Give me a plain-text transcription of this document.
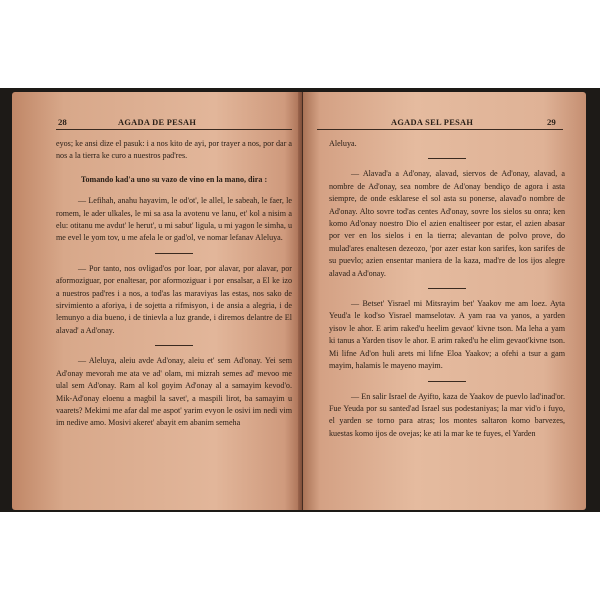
28	AGADA DE PESAH

eyos; ke ansi dize el pasuk: i a nos kito de ayi, por trayer a nos, por dar a nos a la tierra ke curo a nuestros pad'res.

Tomando kad'a uno su vazo de vino en la mano, dira :

— Lefihah, anahu hayavim, le od'ot', le allel, le sabeah, le faer, le romem, le ader ulkales, le mi sa asa la avotenu ve lanu, et' kol a nisim a elu: otitanu me avdut' le herut', u mi sabut' ligula, u mi yagon le simha, u me evel le yom tov, u me afela le or gad'ol, ve nomar lefanav Aleluya.

— Por tanto, nos ovligad'os por loar, por alavar, por alavar, por aformoziguar, por enaltesar, por aformoziguar i por ensalsar, a El ke izo a nuestros pad'res i a nos, a tod'as las maraviyas las estas, nos sako de sirvimiento a aforiya, i de sojetta a rifmisyon, i de ansia a alegria, i de lemunyo a dia bueno, i de tinievla a luz grande, i diremos delantre de El alavad' a Ad'onay.

— Aleluya, aleiu avde Ad'onay, aleiu et' sem Ad'onay. Yei sem Ad'onay mevorah me ata ve ad' olam, mi mizrah semes ad' mevoo me ulal sem Ad'onay. Ram al kol goyim Ad'onay al a samayim kevod'o. Mik-Ad'onay eloenu a magbil la savet', a maspili lirot, ba samayim u vaarets? Mekimi me afar dal me aspot' yarim evyon le osivi im nedi vim im nedive amo. Mosivi akeret' abayit em abanim semeha

AGADA SEL PESAH	29

Aleluya.

— Alavad'a a Ad'onay, alavad, siervos de Ad'onay, alavad, a nombre de Ad'onay, sea nombre de Ad'onay bendiço de agora i asta siempre, de onde esklarese el sol asta su ponerse, alavad'o nombre de Ad'onay. Alto sovre tod'as centes Ad'onay, sovre los sielos su onra; ken komo Ad'onay noestro Dio el azien enaltiseer por estar, el azien abasar por ver en los sielos i en la tierra; alevantan de polvo prove, do mulad'ares enaltesen dezeozo, 'por azer estar kon sarifes, kon sarifes de su puevlo; azien ensentar maniera de la kaza, mad're de los ijos alegre alavad a Ad'onay.

— Betset' Yisrael mi Mitsrayim bet' Yaakov me am loez. Ayta Yeud'a le kod'so Yisrael mamselotav. A yam raa va yanos, a yarden yisov le ahor. E arim raked'u heelim gevaot' kivne tson. Ma leha a yam ki tanus a Yarden tisov le ahor. E arim raked'u he elim gevaot'kivne tson. Mi lifne Ad'on huli arets mi lifne Eloa Yaakov; a ofehi a tsur a gam mayim, halamis le mayeno mayim.

— En salir Israel de Ayifto, kaza de Yaakov de puevlo lad'inad'or. Fue Yeuda por su santed'ad Israel sus podestaniyas; la mar vid'o i fuyo, el yarden se torno para atras; los montes saltaron komo barvezes, kuestas komo ijos de ovejas; ke ati la mar ke te fuyes, el Yarden
